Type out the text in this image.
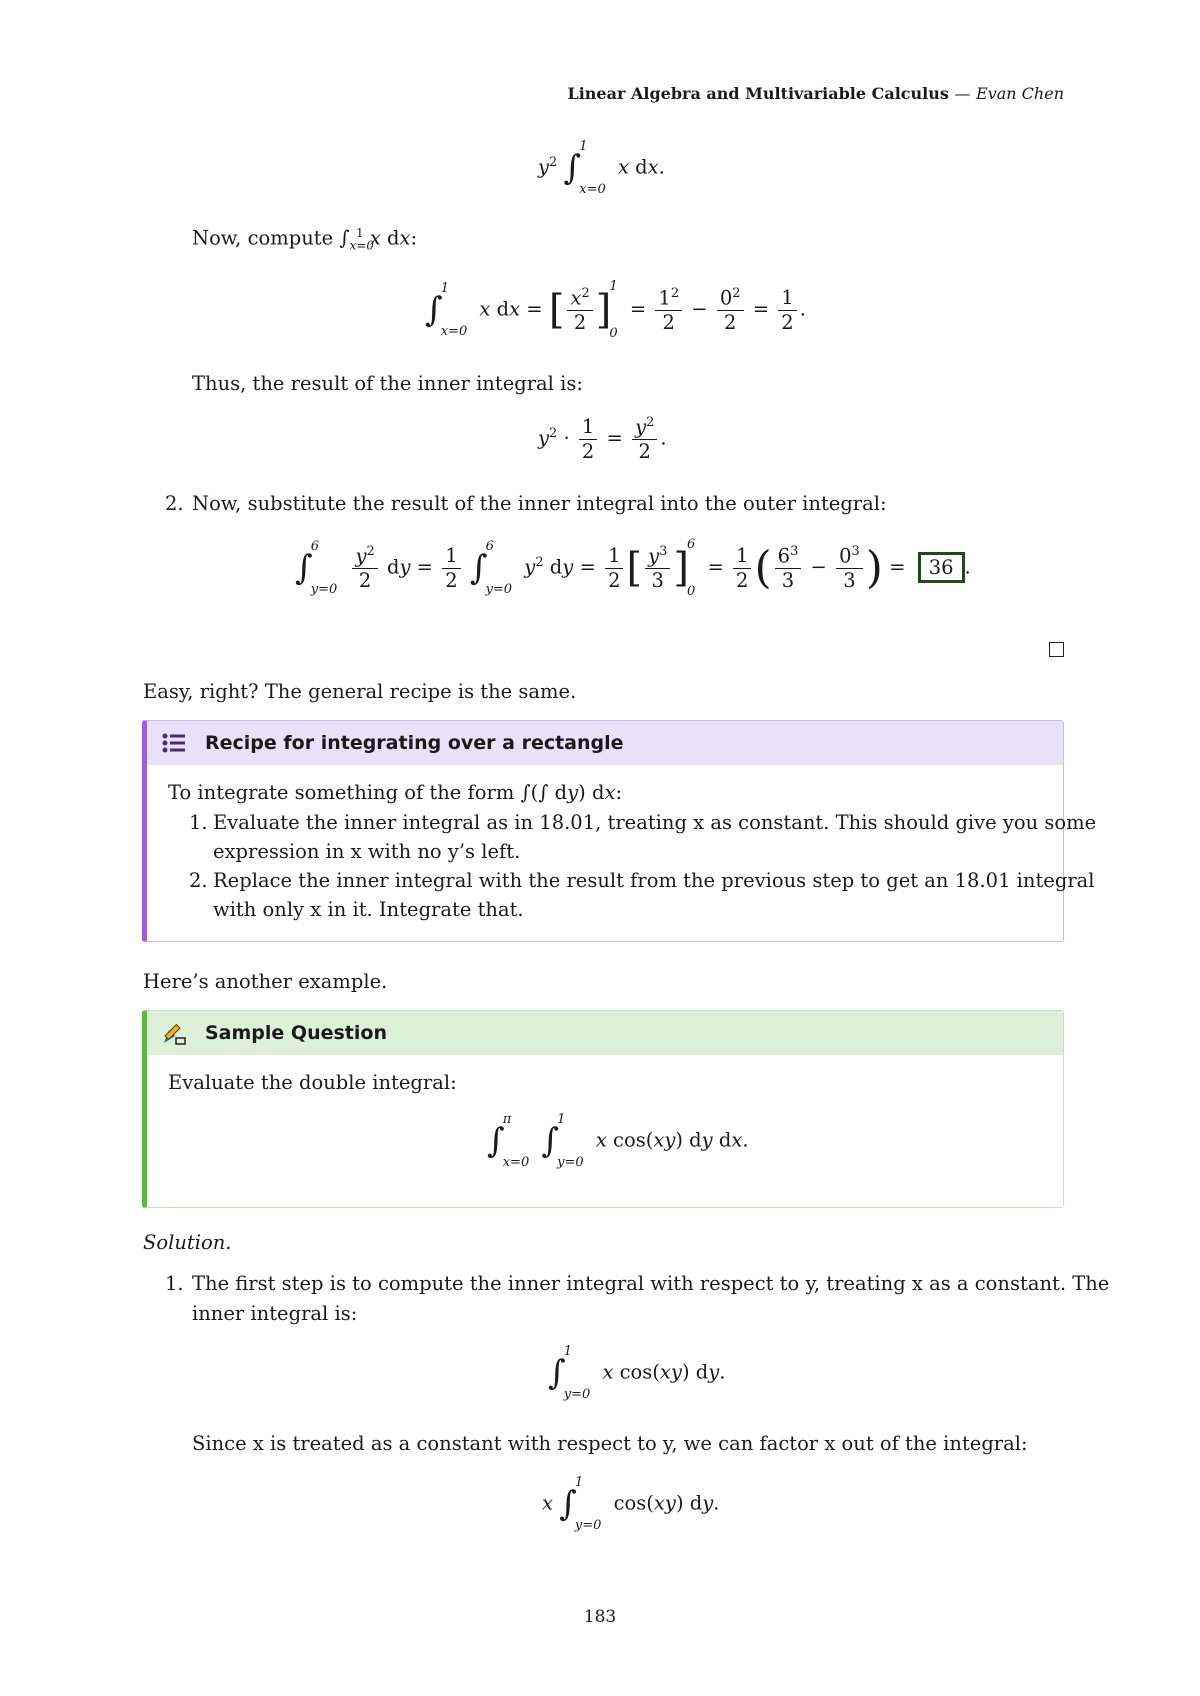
Linear Algebra and Multivariable Calculus — Evan Chen
$y^2$ ∫
1
x=0
x dx.
Now, compute $\int_{x=0}^1$ x dx:
∫
1
x=0
x dx = [ $\frac{x^2}{2}$ ]
1
0
= $\frac{1^2}{2} - \frac{0^2}{2} = \frac{1}{2}$ .
Thus, the result of the inner integral is:
$y^2 \cdot \frac{1}{2} = \frac{y^2}{2}$ .
2. Now, substitute the result of the inner integral into the outer integral:
∫
6
y=0
$\frac{y^2}{2}$ dy = $\frac{1}{2}$ ∫
6
y=0
$y^2$ dy = $\frac{1}{2}$ [ $\frac{y^3}{3}$ ]
6
0
= $\frac{1}{2}$ ( $\frac{6^3}{3} - \frac{0^3}{3}$ ) = 36 .
Easy, right? The general recipe is the same.
Recipe for integrating over a rectangle
To integrate something of the form ∫(∫ dy) dx:
1. Evaluate the inner integral as in 18.01, treating x as constant. This should give you some
expression in x with no y’s left.
2. Replace the inner integral with the result from the previous step to get an 18.01 integral
with only x in it. Integrate that.
Here’s another example.
Sample Question
Evaluate the double integral:
∫
π
x=0
∫
1
y=0
x cos(xy) dy dx.
Solution.
1. The first step is to compute the inner integral with respect to y, treating x as a constant. The
inner integral is:
∫
1
y=0
x cos(xy) dy.
Since x is treated as a constant with respect to y, we can factor x out of the integral:
x ∫
1
y=0
cos(xy) dy.
183
